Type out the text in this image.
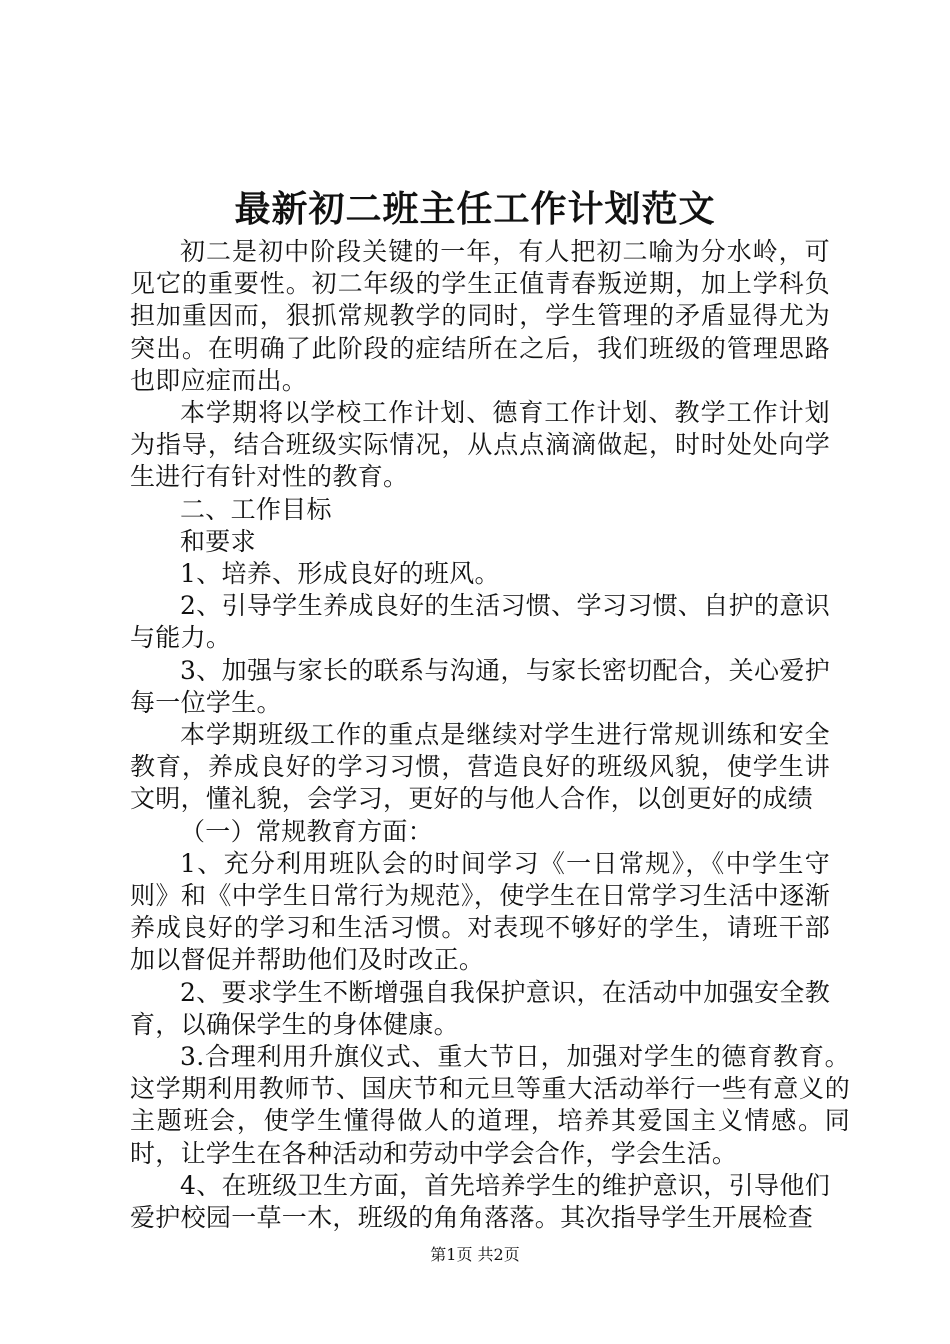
最新初二班主任工作计划范文

初二是初中阶段关键的一年，有人把初二喻为分水岭，可见它的重要性。初二年级的学生正值青春叛逆期，加上学科负担加重因而，狠抓常规教学的同时，学生管理的矛盾显得尤为突出。在明确了此阶段的症结所在之后，我们班级的管理思路也即应症而出。

本学期将以学校工作计划、德育工作计划、教学工作计划为指导，结合班级实际情况，从点点滴滴做起，时时处处向学生进行有针对性的教育。

二、工作目标

和要求

1、培养、形成良好的班风。

2、引导学生养成良好的生活习惯、学习习惯、自护的意识与能力。

3、加强与家长的联系与沟通，与家长密切配合，关心爱护每一位学生。

本学期班级工作的重点是继续对学生进行常规训练和安全教育，养成良好的学习习惯，营造良好的班级风貌，使学生讲文明，懂礼貌，会学习，更好的与他人合作，以创更好的成绩

（一）常规教育方面：

1、充分利用班队会的时间学习《一日常规》，《中学生守则》和《中学生日常行为规范》，使学生在日常学习生活中逐渐养成良好的学习和生活习惯。对表现不够好的学生，请班干部加以督促并帮助他们及时改正。

2、要求学生不断增强自我保护意识，在活动中加强安全教育，以确保学生的身体健康。

3.合理利用升旗仪式、重大节日，加强对学生的德育教育。这学期利用教师节、国庆节和元旦等重大活动举行一些有意义的主题班会，使学生懂得做人的道理，培养其爱国主义情感。同时，让学生在各种活动和劳动中学会合作，学会生活。

4、在班级卫生方面，首先培养学生的维护意识，引导他们爱护校园一草一木，班级的角角落落。其次指导学生开展检查

第1页 共2页
